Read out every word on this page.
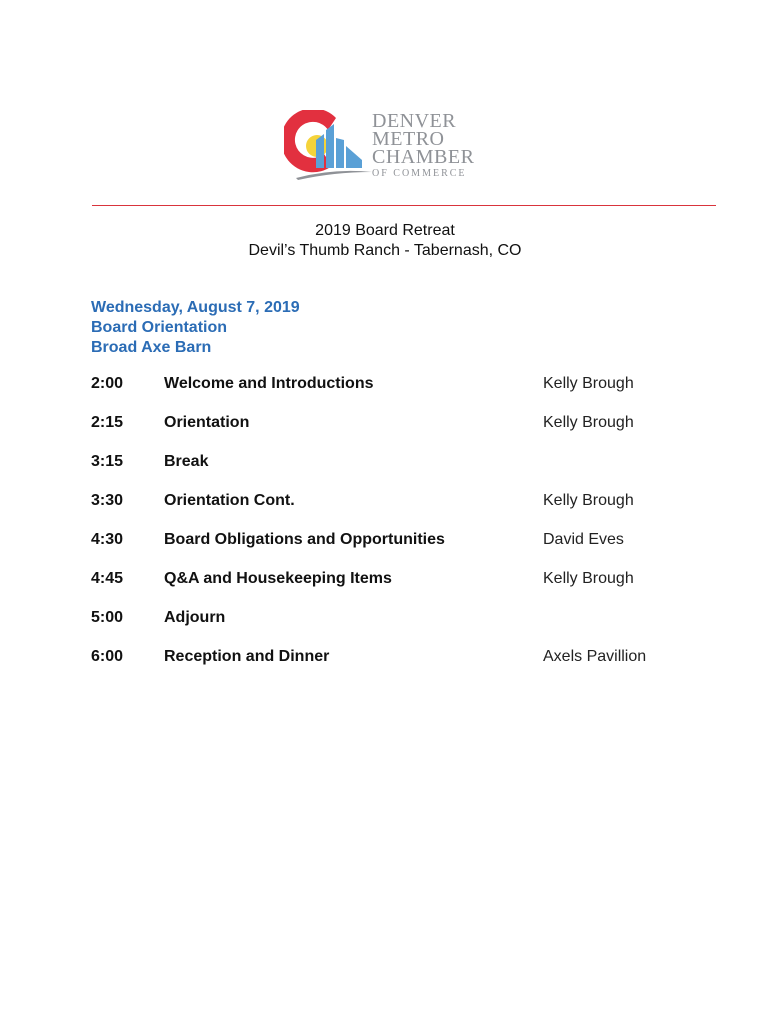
DENVER
METRO
CHAMBER
OF COMMERCE
2019 Board Retreat
Devil’s Thumb Ranch - Tabernash, CO
Wednesday, August 7, 2019
Board Orientation
Broad Axe Barn
2:00	Welcome and Introductions	Kelly Brough
2:15	Orientation	Kelly Brough
3:15	Break
3:30	Orientation Cont.	Kelly Brough
4:30	Board Obligations and Opportunities	David Eves
4:45	Q&A and Housekeeping Items	Kelly Brough
5:00	Adjourn
6:00	Reception and Dinner	Axels Pavillion
